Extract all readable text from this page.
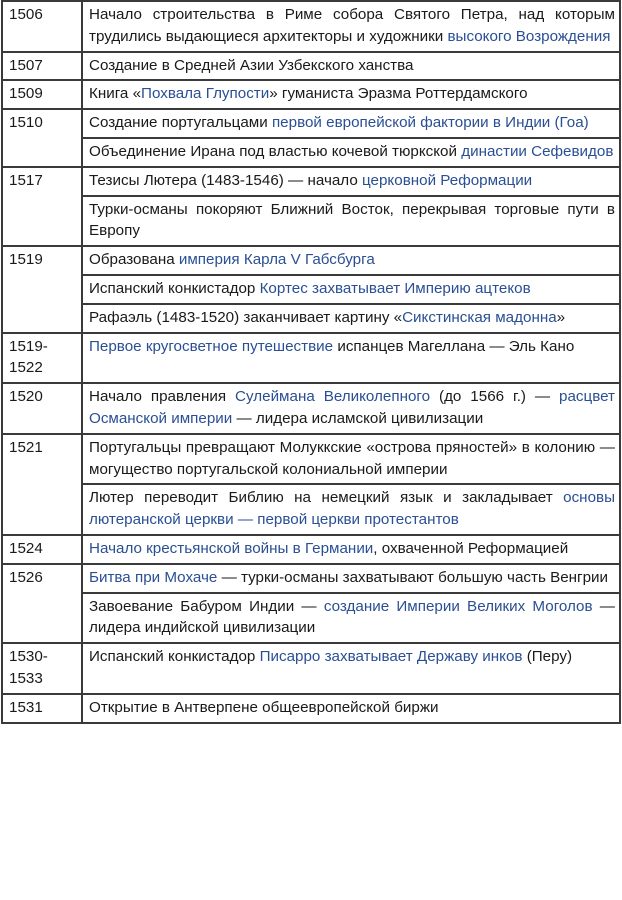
1506	Начало строительства в Риме собора Святого Петра, над которым трудились выдающиеся архитекторы и художники высокого Возрождения
1507	Создание в Средней Азии Узбекского ханства
1509	Книга «Похвала Глупости» гуманиста Эразма Роттердамского
1510	Создание португальцами первой европейской фактории в Индии (Гоа)
	Объединение Ирана под властью кочевой тюркской династии Сефевидов
1517	Тезисы Лютера (1483-1546) — начало церковной Реформации
	Турки-османы покоряют Ближний Восток, перекрывая торговые пути в Европу
1519	Образована империя Карла V Габсбурга
	Испанский конкистадор Кортес захватывает Империю ацтеков
	Рафаэль (1483-1520) заканчивает картину «Сикстинская мадонна»
1519-1522	Первое кругосветное путешествие испанцев Магеллана — Эль Кано
1520	Начало правления Сулеймана Великолепного (до 1566 г.) — расцвет Османской империи — лидера исламской цивилизации
1521	Португальцы превращают Молуккские «острова пряностей» в колонию — могущество португальской колониальной империи
	Лютер переводит Библию на немецкий язык и закладывает основы лютеранской церкви — первой церкви протестантов
1524	Начало крестьянской войны в Германии, охваченной Реформацией
1526	Битва при Мохаче — турки-османы захватывают большую часть Венгрии
	Завоевание Бабуром Индии — создание Империи Великих Моголов — лидера индийской цивилизации
1530-1533	Испанский конкистадор Писарро захватывает Державу инков (Перу)
1531	Открытие в Антверпене общеевропейской биржи
